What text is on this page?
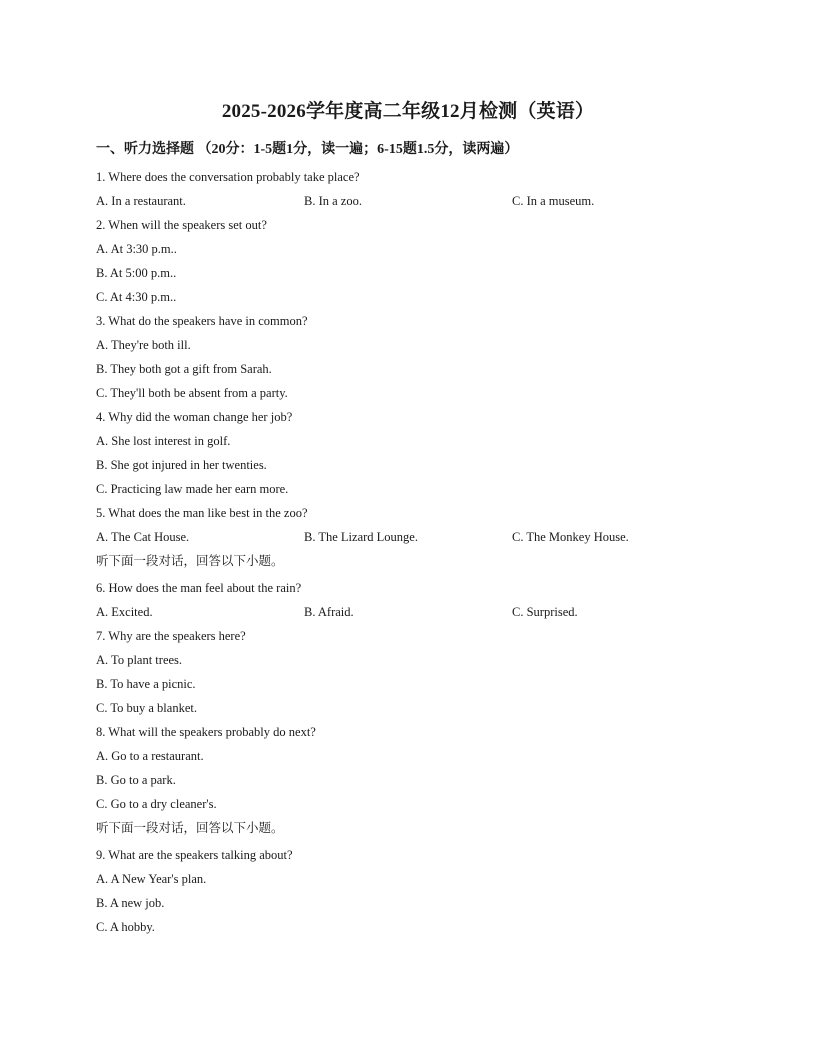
2025-2026学年度高二年级12月检测（英语）
一、听力选择题 （20分：1-5题1分，读一遍；6-15题1.5分，读两遍）
1. Where does the conversation probably take place?
A. In a restaurant.	B. In a zoo.	C. In a museum.
2. When will the speakers set out?
A. At 3:30 p.m..
B. At 5:00 p.m..
C. At 4:30 p.m..
3. What do the speakers have in common?
A. They're both ill.
B. They both got a gift from Sarah.
C. They'll both be absent from a party.
4. Why did the woman change her job?
A. She lost interest in golf.
B. She got injured in her twenties.
C. Practicing law made her earn more.
5. What does the man like best in the zoo?
A. The Cat House.	B. The Lizard Lounge.	C. The Monkey House.
听下面一段对话，回答以下小题。
6. How does the man feel about the rain?
A. Excited.	B. Afraid.	C. Surprised.
7. Why are the speakers here?
A. To plant trees.
B. To have a picnic.
C. To buy a blanket.
8. What will the speakers probably do next?
A. Go to a restaurant.
B. Go to a park.
C. Go to a dry cleaner's.
听下面一段对话，回答以下小题。
9. What are the speakers talking about?
A. A New Year's plan.
B. A new job.
C. A hobby.
